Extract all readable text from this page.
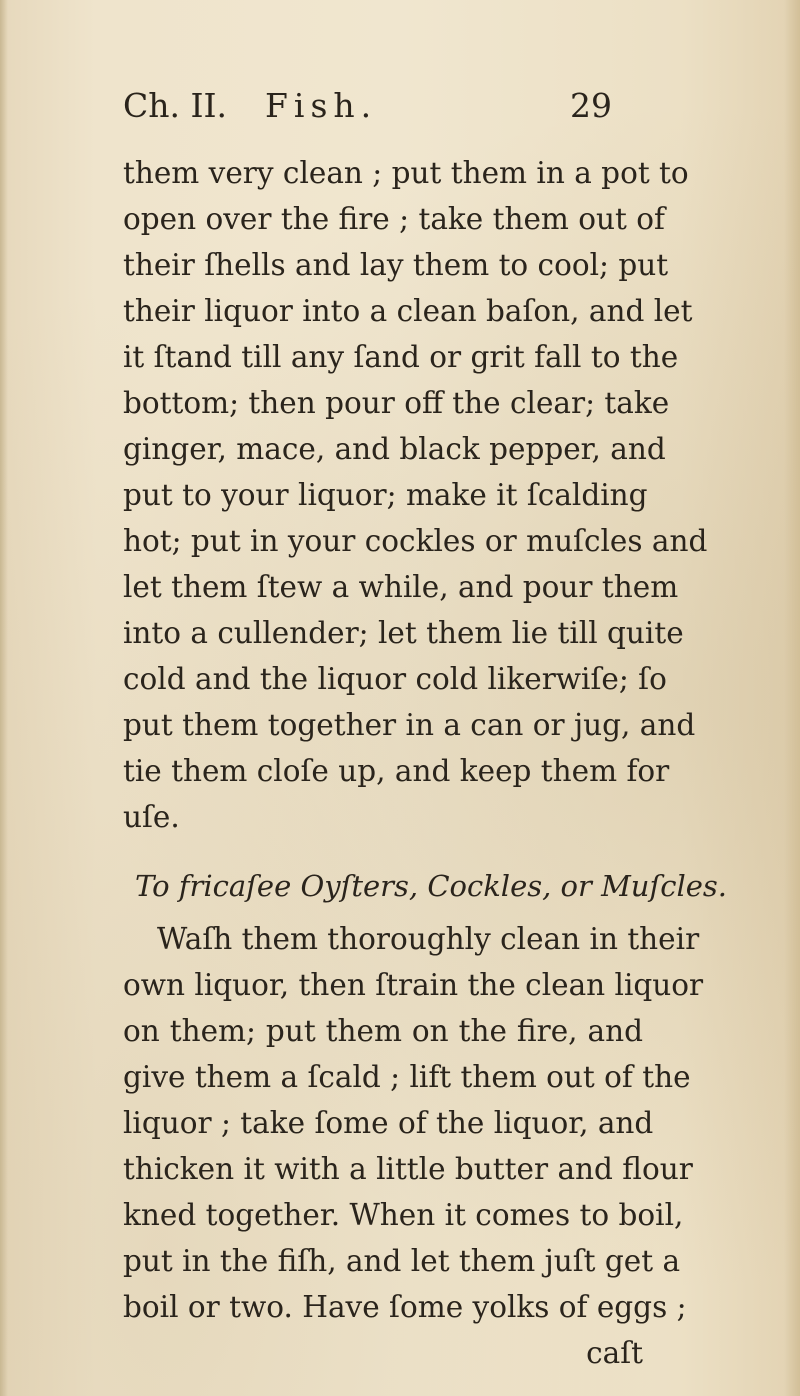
Ch. II. Fish.	29
them very clean ; put them in a pot to
open over the fire ; take them out of
their ſhells and lay them to cool; put
their liquor into a clean baſon, and let
it ſtand till any ſand or grit fall to the
bottom; then pour off the clear; take
ginger, mace, and black pepper, and
put to your liquor; make it ſcalding
hot; put in your cockles or muſcles and
let them ſtew a while, and pour them
into a cullender; let them lie till quite
cold and the liquor cold likerwiſe; ſo
put them together in a can or jug, and
tie them cloſe up, and keep them for
uſe.
To fricaſee Oyſters, Cockles, or Muſcles.
Waſh them thoroughly clean in their
own liquor, then ſtrain the clean liquor
on them; put them on the fire, and
give them a ſcald ; lift them out of the
liquor ; take ſome of the liquor, and
thicken it with a little butter and flour
kned together. When it comes to boil,
put in the fiſh, and let them juſt get a
boil or two. Have ſome yolks of eggs ;
caſt
